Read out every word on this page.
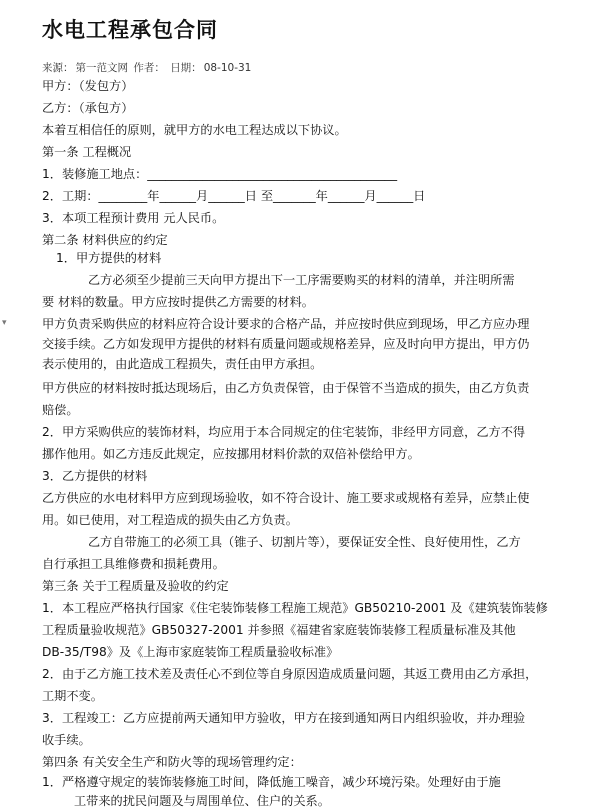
水电工程承包合同
来源： 第一范文网 作者： 日期： 08-10-31
甲方：（发包方）
乙方：（承包方）
本着互相信任的原则，就甲方的水电工程达成以下协议。
第一条 工程概况
1．装修施工地点：_________________________________________
2．工期：________年______月______日 至_______年______月______日
3．本项工程预计费用 元人民币。
第二条 材料供应的约定
1．甲方提供的材料
乙方必须至少提前三天向甲方提出下一工序需要购买的材料的清单，并注明所需
要 材料的数量。甲方应按时提供乙方需要的材料。
甲方负责采购供应的材料应符合设计要求的合格产品，并应按时供应到现场，甲乙方应办理
交接手续。乙方如发现甲方提供的材料有质量问题或规格差异，应及时向甲方提出，甲方仍
表示使用的，由此造成工程损失，责任由甲方承担。
甲方供应的材料按时抵达现场后，由乙方负责保管，由于保管不当造成的损失，由乙方负责
赔偿。
2．甲方采购供应的装饰材料，均应用于本合同规定的住宅装饰，非经甲方同意，乙方不得
挪作他用。如乙方违反此规定，应按挪用材料价款的双倍补偿给甲方。
3．乙方提供的材料
乙方供应的水电材料甲方应到现场验收，如不符合设计、施工要求或规格有差异，应禁止使
用。如已使用，对工程造成的损失由乙方负责。
乙方自带施工的必须工具（锥子、切割片等），要保证安全性、良好使用性，乙方
自行承担工具维修费和损耗费用。
第三条 关于工程质量及验收的约定
1．本工程应严格执行国家《住宅装饰装修工程施工规范》GB50210-2001 及《建筑装饰装修
工程质量验收规范》GB50327-2001 并参照《福建省家庭装饰装修工程质量标准及其他
DB-35/T98》及《上海市家庭装饰工程质量验收标准》
2．由于乙方施工技术差及责任心不到位等自身原因造成质量问题，其返工费用由乙方承担，
工期不变。
3．工程竣工：乙方应提前两天通知甲方验收，甲方在接到通知两日内组织验收，并办理验
收手续。
第四条 有关安全生产和防火等的现场管理约定：
1．严格遵守规定的装饰装修施工时间，降低施工噪音，减少环境污染。处理好由于施
工带来的扰民问题及与周围单位、住户的关系。
▾
